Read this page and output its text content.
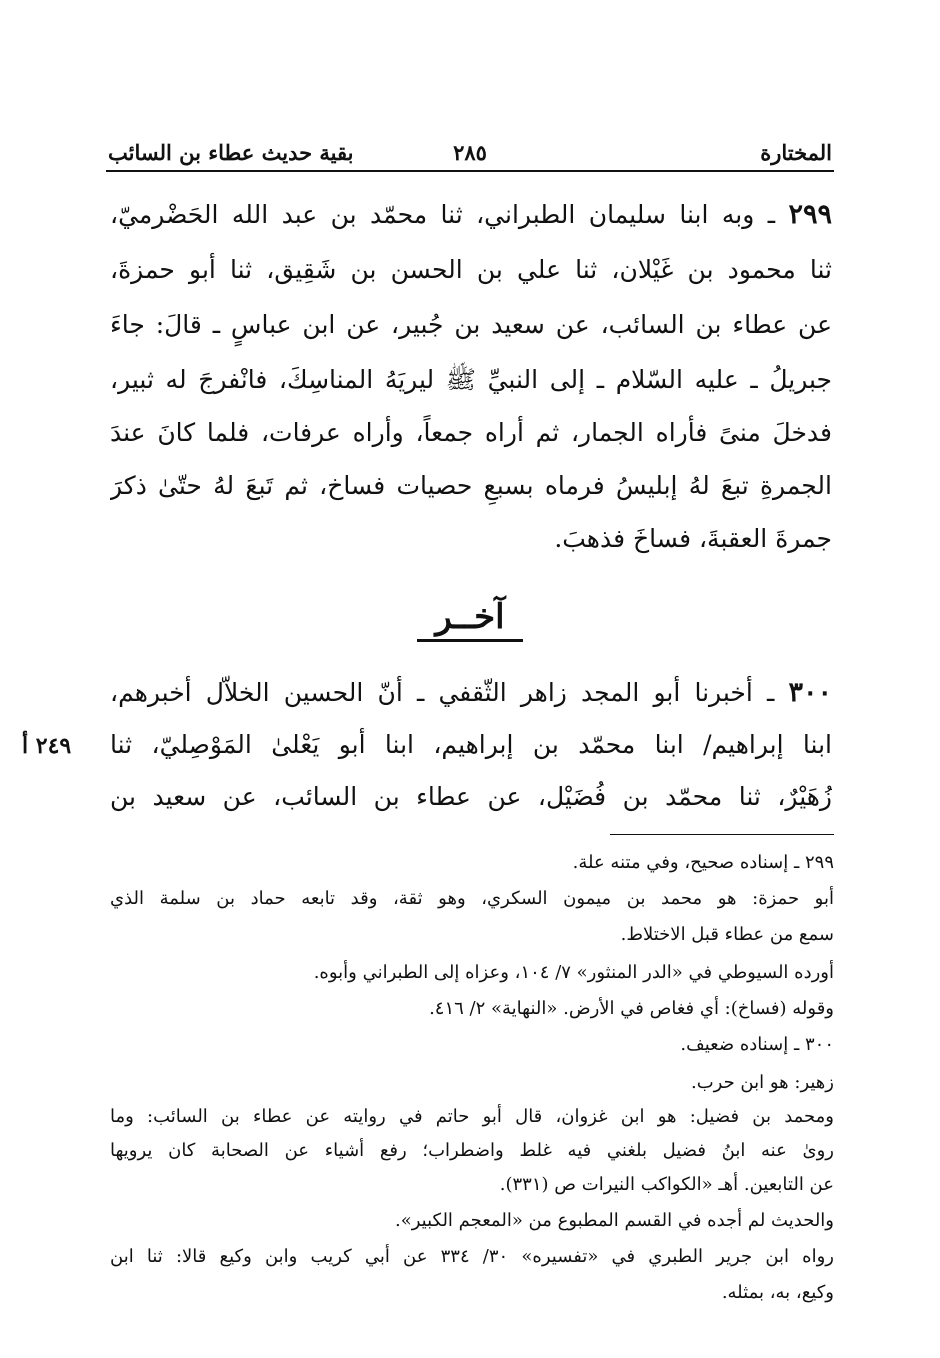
المختارة
٢٨٥
بقية حديث عطاء بن السائب
٢٩٩ ـ وبه ابنا سليمان الطبراني، ثنا محمّد بن عبد الله الحَضْرميّ،
ثنا محمود بن غَيْلان، ثنا علي بن الحسن بن شَقِيق، ثنا أبو حمزةَ،
عن عطاء بن السائب، عن سعيد بن جُبير، عن ابن عباسٍ ـ قالَ: جاءَ
جبريلُ ـ عليه السّلام ـ إلى النبيِّ ﷺ ليريَهُ المناسِكَ، فانْفرجَ له ثبير،
فدخلَ منىً فأراه الجمار، ثم أراه جمعاً، وأراه عرفات، فلما كانَ عندَ
الجمرةِ تبعَ لهُ إبليسُ فرماه بسبعِ حصيات فساخ، ثم تَبعَ لهُ حتّىٰ ذكرَ
جمرةَ العقبةَ، فساخَ فذهبَ.
آخــر
٣٠٠ ـ أخبرنا أبو المجد زاهر الثّقفي ـ أنّ الحسين الخلاّل أخبرهم،
ابنا إبراهيم/ ابنا محمّد بن إبراهيم، ابنا أبو يَعْلىٰ المَوْصِليّ، ثنا
زُهَيْرٌ، ثنا محمّد بن فُضَيْل، عن عطاء بن السائب، عن سعيد بن
٢٤٩ أ
٢٩٩ ـ إسناده صحيح، وفي متنه علة.
أبو حمزة: هو محمد بن ميمون السكري، وهو ثقة، وقد تابعه حماد بن سلمة الذي
سمع من عطاء قبل الاختلاط.
أورده السيوطي في «الدر المنثور» ٧/ ١٠٤، وعزاه إلى الطبراني وأبوه.
وقوله (فساخ): أي فغاص في الأرض. «النهاية» ٢/ ٤١٦.
٣٠٠ ـ إسناده ضعيف.
زهير: هو ابن حرب.
ومحمد بن فضيل: هو ابن غزوان، قال أبو حاتم في روايته عن عطاء بن السائب: وما
روىٰ عنه ابنُ فضيل بلغني فيه غلط واضطراب؛ رفع أشياء عن الصحابة كان يرويها
عن التابعين. أهـ «الكواكب النيرات ص (٣٣١).
والحديث لم أجده في القسم المطبوع من «المعجم الكبير».
رواه ابن جرير الطبري في «تفسيره» ٣٠/ ٣٣٤ عن أبي كريب وابن وكيع قالا: ثنا ابن
وكيع، به، بمثله.
